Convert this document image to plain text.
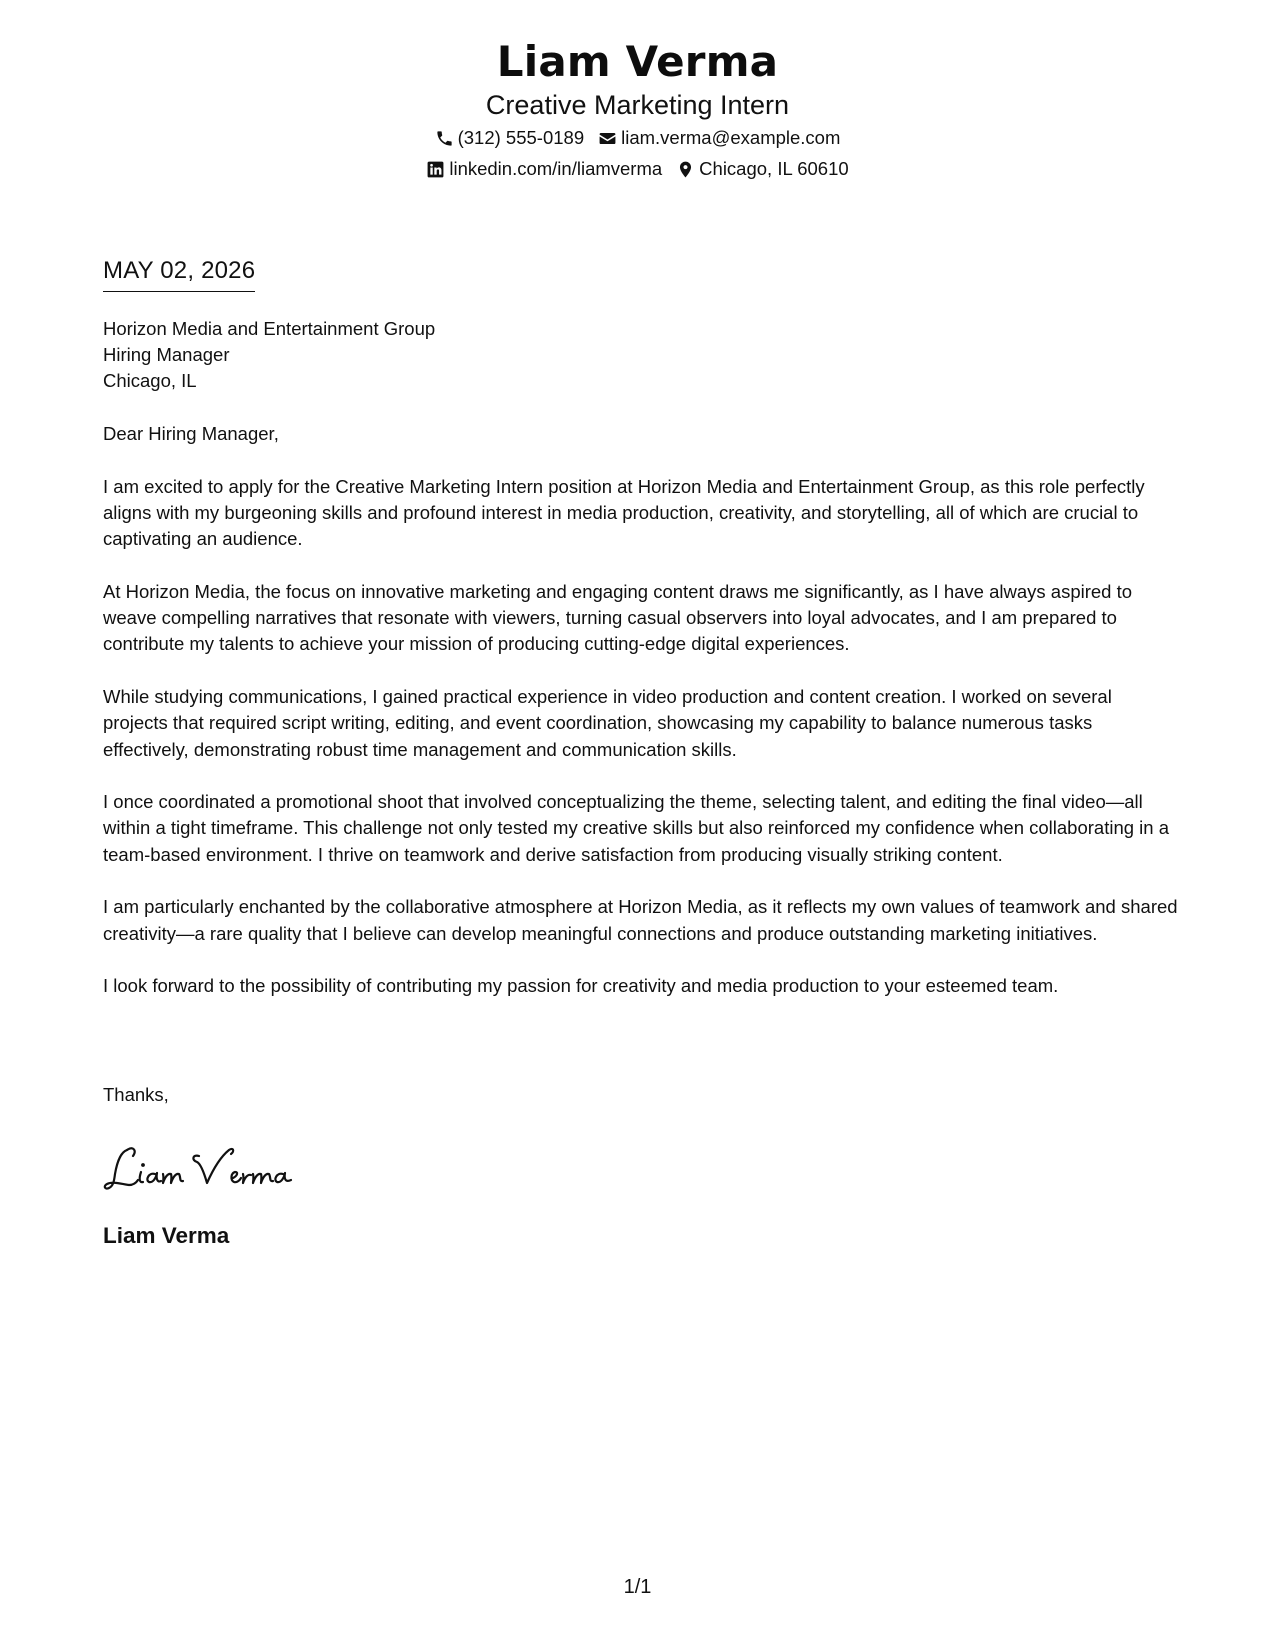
Liam Verma
Creative Marketing Intern
(312) 555-0189 liam.verma@example.com
linkedin.com/in/liamverma Chicago, IL 60610
MAY 02, 2026
Horizon Media and Entertainment Group
Hiring Manager
Chicago, IL

Dear Hiring Manager,

I am excited to apply for the Creative Marketing Intern position at Horizon Media and Entertainment Group, as this role perfectly aligns with my burgeoning skills and profound interest in media production, creativity, and storytelling, all of which are crucial to captivating an audience.

At Horizon Media, the focus on innovative marketing and engaging content draws me significantly, as I have always aspired to weave compelling narratives that resonate with viewers, turning casual observers into loyal advocates, and I am prepared to contribute my talents to achieve your mission of producing cutting-edge digital experiences.

While studying communications, I gained practical experience in video production and content creation. I worked on several projects that required script writing, editing, and event coordination, showcasing my capability to balance numerous tasks effectively, demonstrating robust time management and communication skills.

I once coordinated a promotional shoot that involved conceptualizing the theme, selecting talent, and editing the final video—all within a tight timeframe. This challenge not only tested my creative skills but also reinforced my confidence when collaborating in a team-based environment. I thrive on teamwork and derive satisfaction from producing visually striking content.

I am particularly enchanted by the collaborative atmosphere at Horizon Media, as it reflects my own values of teamwork and shared creativity—a rare quality that I believe can develop meaningful connections and produce outstanding marketing initiatives.

I look forward to the possibility of contributing my passion for creativity and media production to your esteemed team.

Thanks,
Liam Verma
1/1
